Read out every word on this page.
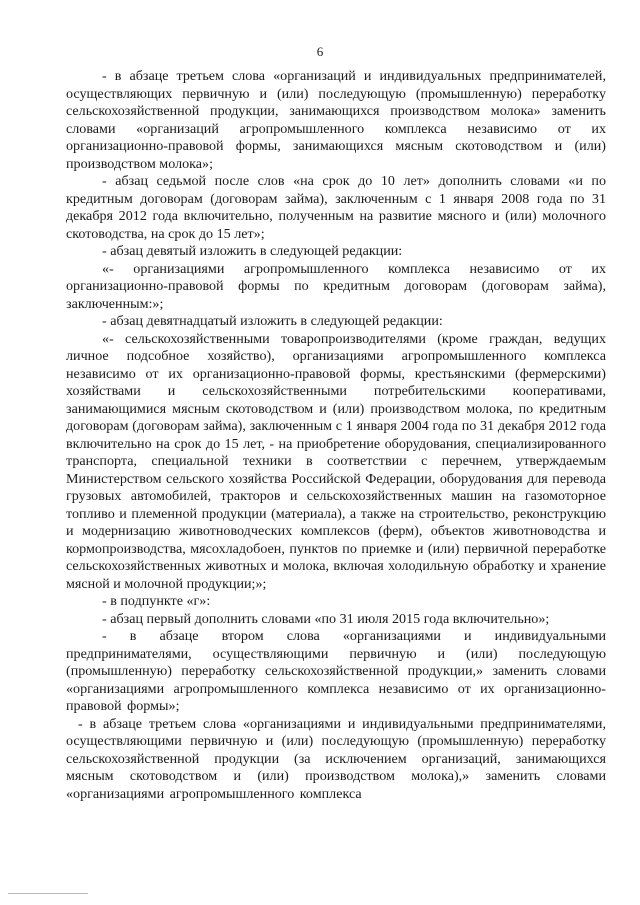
6

- в абзаце третьем слова «организаций и индивидуальных предпринимателей, осуществляющих первичную и (или) последующую (промышленную) переработку сельскохозяйственной продукции, занимающихся производством молока» заменить словами «организаций агропромышленного комплекса независимо от их организационно-правовой формы, занимающихся мясным скотоводством и (или) производством молока»;

- абзац седьмой после слов «на срок до 10 лет» дополнить словами «и по кредитным договорам (договорам займа), заключенным с 1 января 2008 года по 31 декабря 2012 года включительно, полученным на развитие мясного и (или) молочного скотоводства, на срок до 15 лет»;

- абзац девятый изложить в следующей редакции:

«- организациями агропромышленного комплекса независимо от их организационно-правовой формы по кредитным договорам (договорам займа), заключенным:»;

- абзац девятнадцатый изложить в следующей редакции:

«- сельскохозяйственными товаропроизводителями (кроме граждан, ведущих личное подсобное хозяйство), организациями агропромышленного комплекса независимо от их организационно-правовой формы, крестьянскими (фермерскими) хозяйствами и сельскохозяйственными потребительскими кооперативами, занимающимися мясным скотоводством и (или) производством молока, по кредитным договорам (договорам займа), заключенным с 1 января 2004 года по 31 декабря 2012 года включительно на срок до 15 лет, - на приобретение оборудования, специализированного транспорта, специальной техники в соответствии с перечнем, утверждаемым Министерством сельского хозяйства Российской Федерации, оборудования для перевода грузовых автомобилей, тракторов и сельскохозяйственных машин на газомоторное топливо и племенной продукции (материала), а также на строительство, реконструкцию и модернизацию животноводческих комплексов (ферм), объектов животноводства и кормопроизводства, мясохладобоен, пунктов по приемке и (или) первичной переработке сельскохозяйственных животных и молока, включая холодильную обработку и хранение мясной и молочной продукции;»;

- в подпункте «г»:

- абзац первый дополнить словами «по 31 июля 2015 года включительно»;

- в абзаце втором слова «организациями и индивидуальными предпринимателями, осуществляющими первичную и (или) последующую (промышленную) переработку сельскохозяйственной продукции,» заменить словами «организациями агропромышленного комплекса независимо от их организационно-правовой формы»;

- в абзаце третьем слова «организациями и индивидуальными предпринимателями, осуществляющими первичную и (или) последующую (промышленную) переработку сельскохозяйственной продукции (за исключением организаций, занимающихся мясным скотоводством и (или) производством молока),» заменить словами «организациями агропромышленного комплекса
